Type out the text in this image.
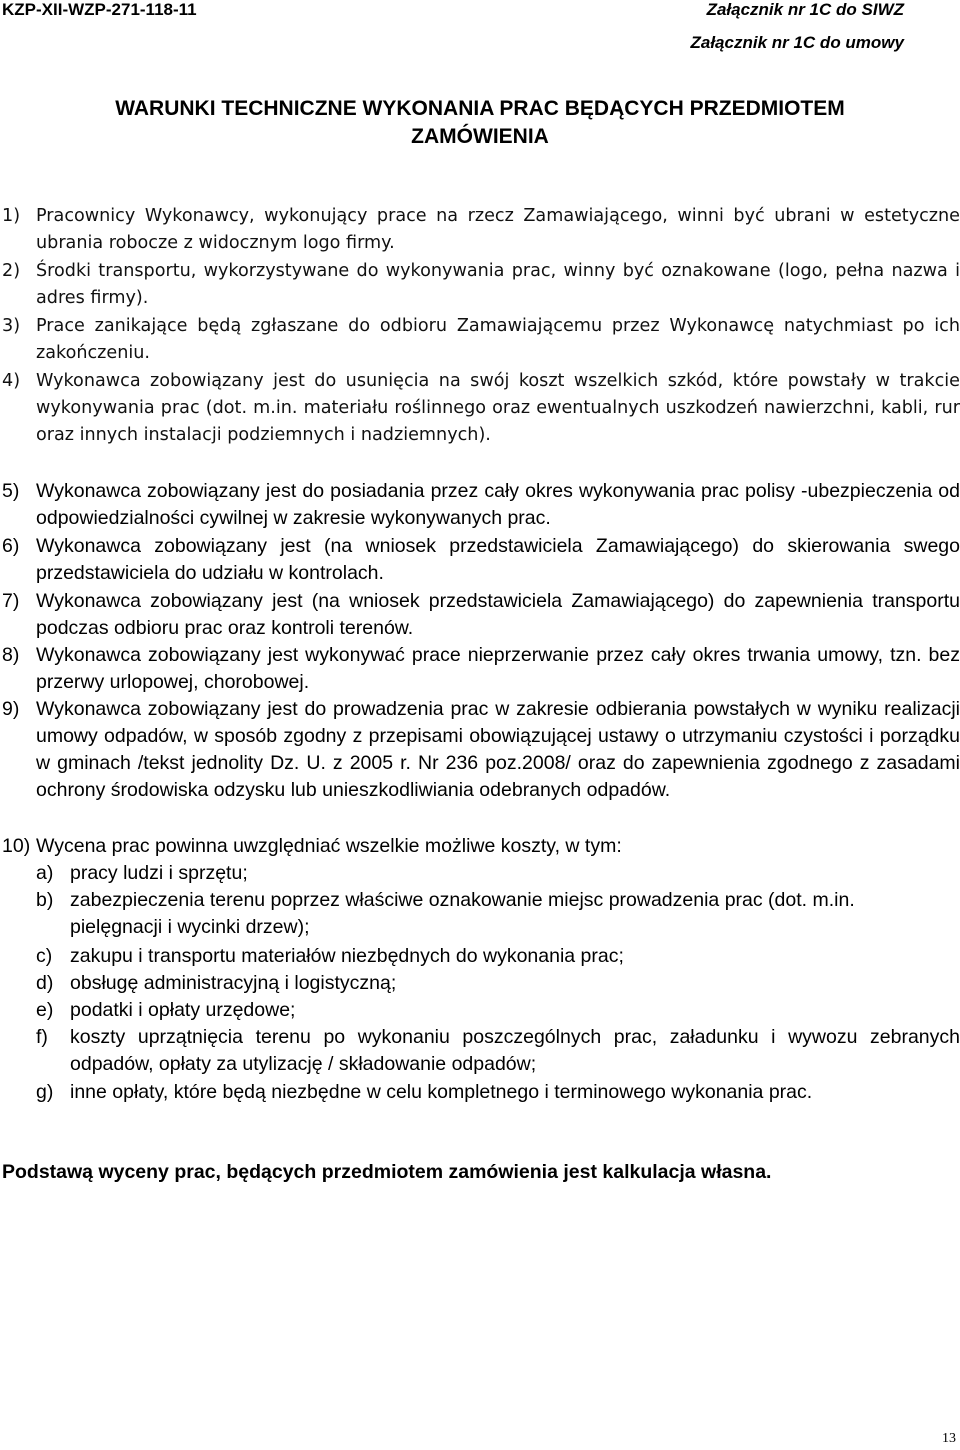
KZP-XII-WZP-271-118-11	Załącznik nr 1C do SIWZ
Załącznik nr 1C do umowy
WARUNKI TECHNICZNE WYKONANIA PRAC BĘDĄCYCH PRZEDMIOTEM
ZAMÓWIENIA
1) Pracownicy Wykonawcy, wykonujący prace na rzecz Zamawiającego, winni być ubrani w estetyczne ubrania robocze z widocznym logo firmy.
2) Środki transportu, wykorzystywane do wykonywania prac, winny być oznakowane (logo, pełna nazwa i adres firmy).
3) Prace zanikające będą zgłaszane do odbioru Zamawiającemu przez Wykonawcę natychmiast po ich zakończeniu.
4) Wykonawca zobowiązany jest do usunięcia na swój koszt wszelkich szkód, które powstały w trakcie wykonywania prac (dot. m.in. materiału roślinnego oraz ewentualnych uszkodzeń nawierzchni, kabli, rur oraz innych instalacji podziemnych i nadziemnych).
5) Wykonawca zobowiązany jest do posiadania przez cały okres wykonywania prac polisy -ubezpieczenia od odpowiedzialności cywilnej w zakresie wykonywanych prac.
6) Wykonawca zobowiązany jest (na wniosek przedstawiciela Zamawiającego) do skierowania swego przedstawiciela do udziału w kontrolach.
7) Wykonawca zobowiązany jest (na wniosek przedstawiciela Zamawiającego) do zapewnienia transportu podczas odbioru prac oraz kontroli terenów.
8) Wykonawca zobowiązany jest wykonywać prace nieprzerwanie przez cały okres trwania umowy, tzn. bez przerwy urlopowej, chorobowej.
9) Wykonawca zobowiązany jest do prowadzenia prac w zakresie odbierania powstałych w wyniku realizacji umowy odpadów, w sposób zgodny z przepisami obowiązującej ustawy o utrzymaniu czystości i porządku w gminach /tekst jednolity Dz. U. z 2005 r. Nr 236 poz.2008/ oraz do zapewnienia zgodnego z zasadami ochrony środowiska odzysku lub unieszkodliwiania odebranych odpadów.
10) Wycena prac powinna uwzględniać wszelkie możliwe koszty, w tym:
a) pracy ludzi i sprzętu;
b) zabezpieczenia terenu poprzez właściwe oznakowanie miejsc prowadzenia prac (dot. m.in. pielęgnacji i wycinki drzew);
c) zakupu i transportu materiałów niezbędnych do wykonania prac;
d) obsługę administracyjną i logistyczną;
e) podatki i opłaty urzędowe;
f) koszty uprzątnięcia terenu po wykonaniu poszczególnych prac, załadunku i wywozu zebranych odpadów, opłaty za utylizację / składowanie odpadów;
g) inne opłaty, które będą niezbędne w celu kompletnego i terminowego wykonania prac.
Podstawą wyceny prac, będących przedmiotem zamówienia jest kalkulacja własna.
13
